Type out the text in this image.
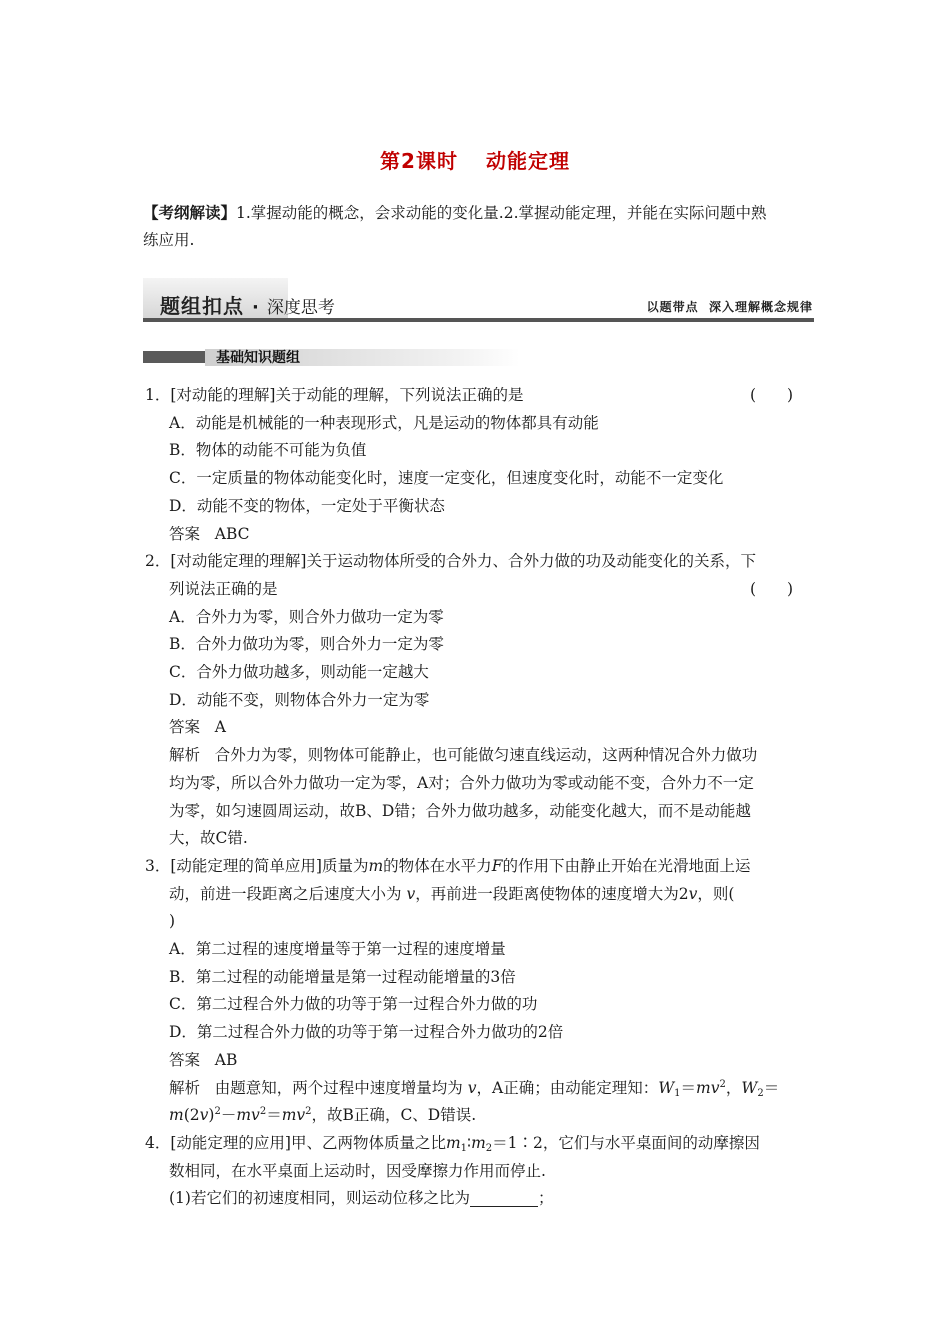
第2课时 动能定理
【考纲解读】1.掌握动能的概念，会求动能的变化量.2.掌握动能定理，并能在实际问题中熟
练应用.
题组扣点 · 深度思考	以题带点  深入理解概念规律
基础知识题组
1．[对动能的理解]关于动能的理解，下列说法正确的是	(　　)
A．动能是机械能的一种表现形式，凡是运动的物体都具有动能
B．物体的动能不可能为负值
C．一定质量的物体动能变化时，速度一定变化，但速度变化时，动能不一定变化
D．动能不变的物体，一定处于平衡状态
答案 ABC
2．[对动能定理的理解]关于运动物体所受的合外力、合外力做的功及动能变化的关系，下
列说法正确的是	(　　)
A．合外力为零，则合外力做功一定为零
B．合外力做功为零，则合外力一定为零
C．合外力做功越多，则动能一定越大
D．动能不变，则物体合外力一定为零
答案 A
解析 合外力为零，则物体可能静止，也可能做匀速直线运动，这两种情况合外力做功
均为零，所以合外力做功一定为零，A对；合外力做功为零或动能不变，合外力不一定
为零，如匀速圆周运动，故B、D错；合外力做功越多，动能变化越大，而不是动能越
大，故C错.
3．[动能定理的简单应用]质量为m的物体在水平力F的作用下由静止开始在光滑地面上运
动，前进一段距离之后速度大小为 v，再前进一段距离使物体的速度增大为2v，则(
)
A．第二过程的速度增量等于第一过程的速度增量
B．第二过程的动能增量是第一过程动能增量的3倍
C．第二过程合外力做的功等于第一过程合外力做的功
D．第二过程合外力做的功等于第一过程合外力做功的2倍
答案 AB
解析 由题意知，两个过程中速度增量均为 v，A正确；由动能定理知：$W_1=mv^2$，$W_2=$
$m(2v)^2-mv^2=mv^2$，故B正确，C、D错误.
4．[动能定理的应用]甲、乙两物体质量之比$m_1∶m_2=1∶2$，它们与水平桌面间的动摩擦因
数相同，在水平桌面上运动时，因受摩擦力作用而停止.
(1)若它们的初速度相同，则运动位移之比为	；
